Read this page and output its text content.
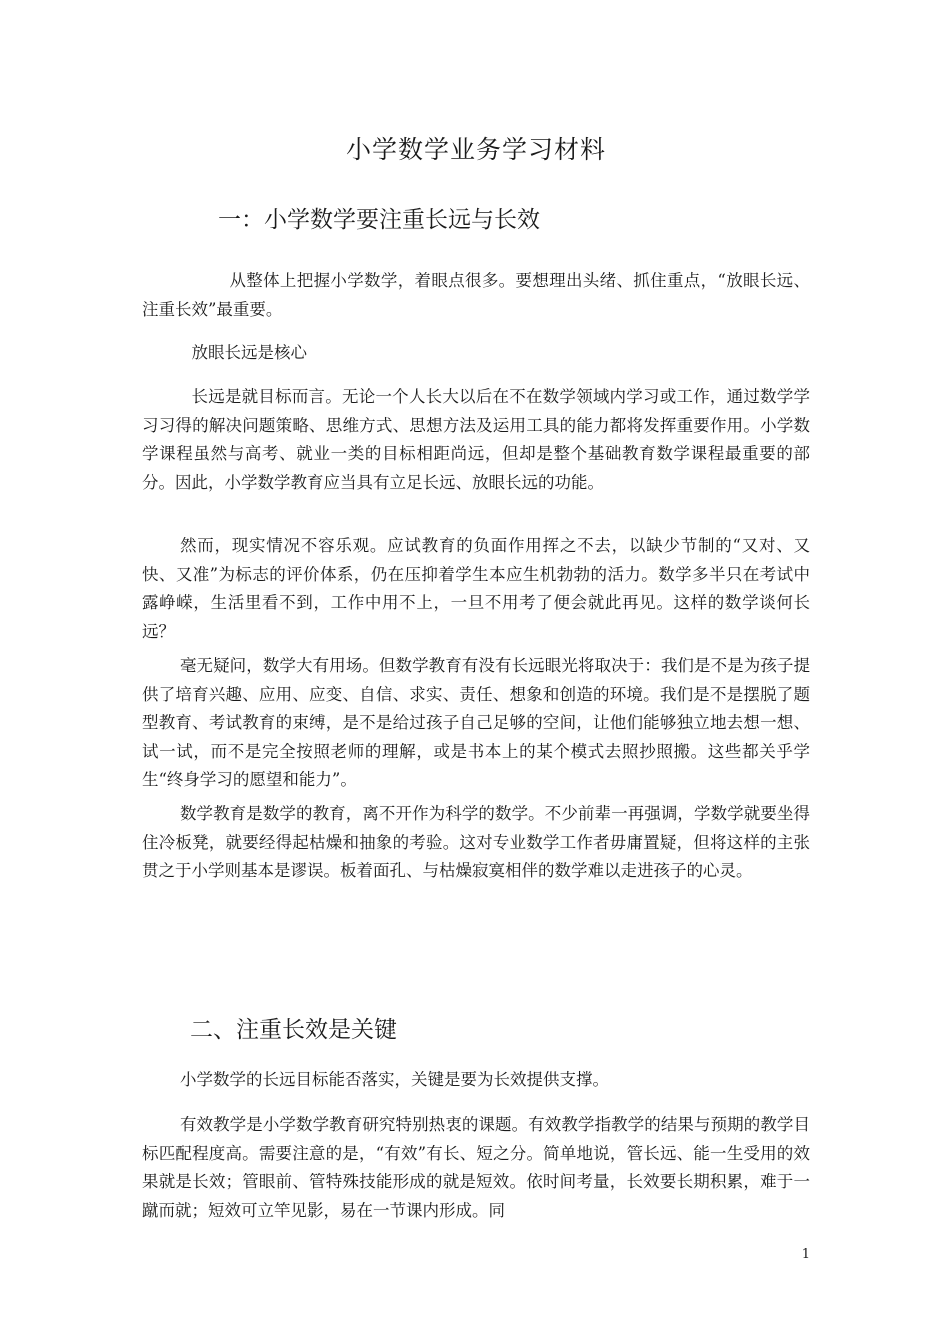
小学数学业务学习材料
一：小学数学要注重长远与长效

从整体上把握小学数学，着眼点很多。要想理出头绪、抓住重点，“放眼长远、注重长效”最重要。

放眼长远是核心

长远是就目标而言。无论一个人长大以后在不在数学领域内学习或工作，通过数学学习习得的解决问题策略、思维方式、思想方法及运用工具的能力都将发挥重要作用。小学数学课程虽然与高考、就业一类的目标相距尚远，但却是整个基础教育数学课程最重要的部分。因此，小学数学教育应当具有立足长远、放眼长远的功能。

然而，现实情况不容乐观。应试教育的负面作用挥之不去，以缺少节制的“又对、又快、又准”为标志的评价体系，仍在压抑着学生本应生机勃勃的活力。数学多半只在考试中露峥嵘，生活里看不到，工作中用不上，一旦不用考了便会就此再见。这样的数学谈何长远？

毫无疑问，数学大有用场。但数学教育有没有长远眼光将取决于：我们是不是为孩子提供了培育兴趣、应用、应变、自信、求实、责任、想象和创造的环境。我们是不是摆脱了题型教育、考试教育的束缚，是不是给过孩子自己足够的空间，让他们能够独立地去想一想、试一试，而不是完全按照老师的理解，或是书本上的某个模式去照抄照搬。这些都关乎学生“终身学习的愿望和能力”。

数学教育是数学的教育，离不开作为科学的数学。不少前辈一再强调，学数学就要坐得住冷板凳，就要经得起枯燥和抽象的考验。这对专业数学工作者毋庸置疑，但将这样的主张贯之于小学则基本是谬误。板着面孔、与枯燥寂寞相伴的数学难以走进孩子的心灵。

二、注重长效是关键

小学数学的长远目标能否落实，关键是要为长效提供支撑。

有效教学是小学数学教育研究特别热衷的课题。有效教学指教学的结果与预期的教学目标匹配程度高。需要注意的是，“有效”有长、短之分。简单地说，管长远、能一生受用的效果就是长效；管眼前、管特殊技能形成的就是短效。依时间考量，长效要长期积累，难于一蹴而就；短效可立竿见影，易在一节课内形成。同

1
